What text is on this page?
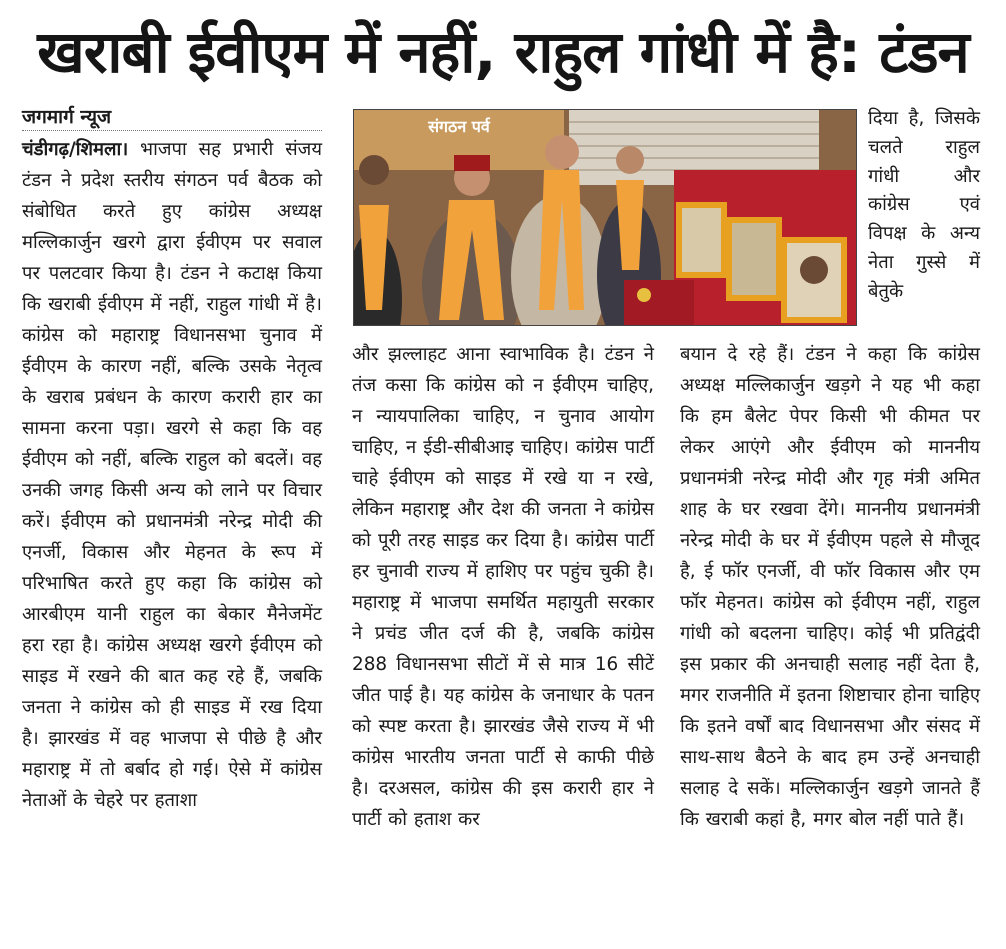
खराबी ईवीएम में नहीं, राहुल गांधी में है: टंडन
जगमार्ग न्यूज
चंडीगढ़/शिमला। भाजपा सह प्रभारी संजय टंडन ने प्रदेश स्तरीय संगठन पर्व बैठक को संबोधित करते हुए कांग्रेस अध्यक्ष मल्लिकार्जुन खरगे द्वारा ईवीएम पर सवाल पर पलटवार किया है। टंडन ने कटाक्ष किया कि खराबी ईवीएम में नहीं, राहुल गांधी में है। कांग्रेस को महाराष्ट्र विधानसभा चुनाव में ईवीएम के कारण नहीं, बल्कि उसके नेतृत्व के खराब प्रबंधन के कारण करारी हार का सामना करना पड़ा। खरगे से कहा कि वह ईवीएम को नहीं, बल्कि राहुल को बदलें। वह उनकी जगह किसी अन्य को लाने पर विचार करें। ईवीएम को प्रधानमंत्री नरेन्द्र मोदी की एनर्जी, विकास और मेहनत के रूप में परिभाषित करते हुए कहा कि कांग्रेस को आरबीएम यानी राहुल का बेकार मैनेजमेंट हरा रहा है। कांग्रेस अध्यक्ष खरगे ईवीएम को साइड में रखने की बात कह रहे हैं, जबकि जनता ने कांग्रेस को ही साइड में रख दिया है। झारखंड में वह भाजपा से पीछे है और महाराष्ट्र में तो बर्बाद हो गई। ऐसे में कांग्रेस नेताओं के चेहरे पर हताशा
संगठन पर्व	दिया है, जिसके चलते राहुल गांधी और कांग्रेस एवं विपक्ष के अन्य नेता गुस्से में बेतुके
और झल्लाहट आना स्वाभाविक है। टंडन ने तंज कसा कि कांग्रेस को न ईवीएम चाहिए, न न्यायपालिका चाहिए, न चुनाव आयोग चाहिए, न ईडी-सीबीआइ चाहिए। कांग्रेस पार्टी चाहे ईवीएम को साइड में रखे या न रखे, लेकिन महाराष्ट्र और देश की जनता ने कांग्रेस को पूरी तरह साइड कर दिया है। कांग्रेस पार्टी हर चुनावी राज्य में हाशिए पर पहुंच चुकी है। महाराष्ट्र में भाजपा समर्थित महायुती सरकार ने प्रचंड जीत दर्ज की है, जबकि कांग्रेस 288 विधानसभा सीटों में से मात्र 16 सीटें जीत पाई है। यह कांग्रेस के जनाधार के पतन को स्पष्ट करता है। झारखंड जैसे राज्य में भी कांग्रेस भारतीय जनता पार्टी से काफी पीछे है। दरअसल, कांग्रेस की इस करारी हार ने पार्टी को हताश कर
बयान दे रहे हैं। टंडन ने कहा कि कांग्रेस अध्यक्ष मल्लिकार्जुन खड़गे ने यह भी कहा कि हम बैलेट पेपर किसी भी कीमत पर लेकर आएंगे और ईवीएम को माननीय प्रधानमंत्री नरेन्द्र मोदी और गृह मंत्री अमित शाह के घर रखवा देंगे। माननीय प्रधानमंत्री नरेन्द्र मोदी के घर में ईवीएम पहले से मौजूद है, ई फॉर एनर्जी, वी फॉर विकास और एम फॉर मेहनत। कांग्रेस को ईवीएम नहीं, राहुल गांधी को बदलना चाहिए। कोई भी प्रतिद्वंदी इस प्रकार की अनचाही सलाह नहीं देता है, मगर राजनीति में इतना शिष्टाचार होना चाहिए कि इतने वर्षों बाद विधानसभा और संसद में साथ-साथ बैठने के बाद हम उन्हें अनचाही सलाह दे सकें। मल्लिकार्जुन खड़गे जानते हैं कि खराबी कहां है, मगर बोल नहीं पाते हैं।
